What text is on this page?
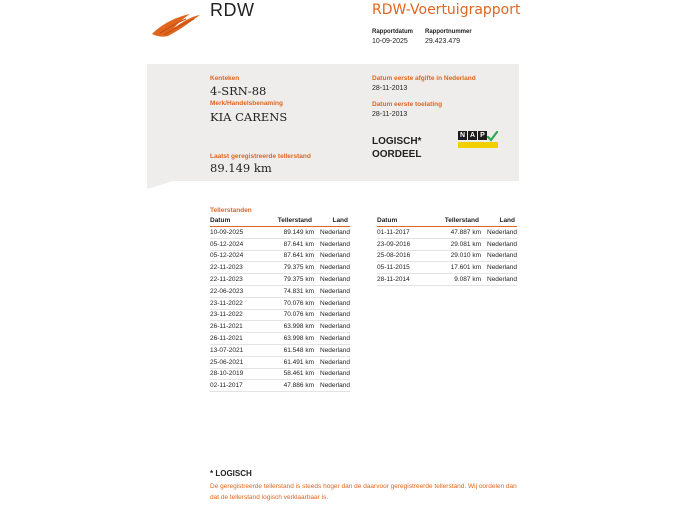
RDW	RDW-Voertuigrapport
Rapportdatum
10-09-2025
Rapportnummer
29.423.479
Kenteken
4-SRN-88
Merk/Handelsbenaming
KIA CARENS
Laatst geregistreerde tellerstand
89.149 km
Datum eerste afgifte in Nederland
28-11-2013
Datum eerste toelating
28-11-2013
LOGISCH*
OORDEEL
N A P
Tellerstanden
Datum	Tellerstand	Land
10-09-2025	89.149 km	Nederland
05-12-2024	87.641 km	Nederland
05-12-2024	87.641 km	Nederland
22-11-2023	79.375 km	Nederland
22-11-2023	79.375 km	Nederland
22-06-2023	74.831 km	Nederland
23-11-2022	70.076 km	Nederland
23-11-2022	70.076 km	Nederland
26-11-2021	63.998 km	Nederland
26-11-2021	63.998 km	Nederland
13-07-2021	61.548 km	Nederland
25-06-2021	61.491 km	Nederland
28-10-2019	58.461 km	Nederland
02-11-2017	47.886 km	Nederland
Datum	Tellerstand	Land
01-11-2017	47.887 km	Nederland
23-09-2016	29.081 km	Nederland
25-08-2016	29.010 km	Nederland
05-11-2015	17.601 km	Nederland
28-11-2014	9.087 km	Nederland
* LOGISCH
De geregistreerde tellerstand is steeds hoger dan de daarvoor geregistreerde tellerstand. Wij oordelen dan dat de tellerstand logisch verklaarbaar is.
